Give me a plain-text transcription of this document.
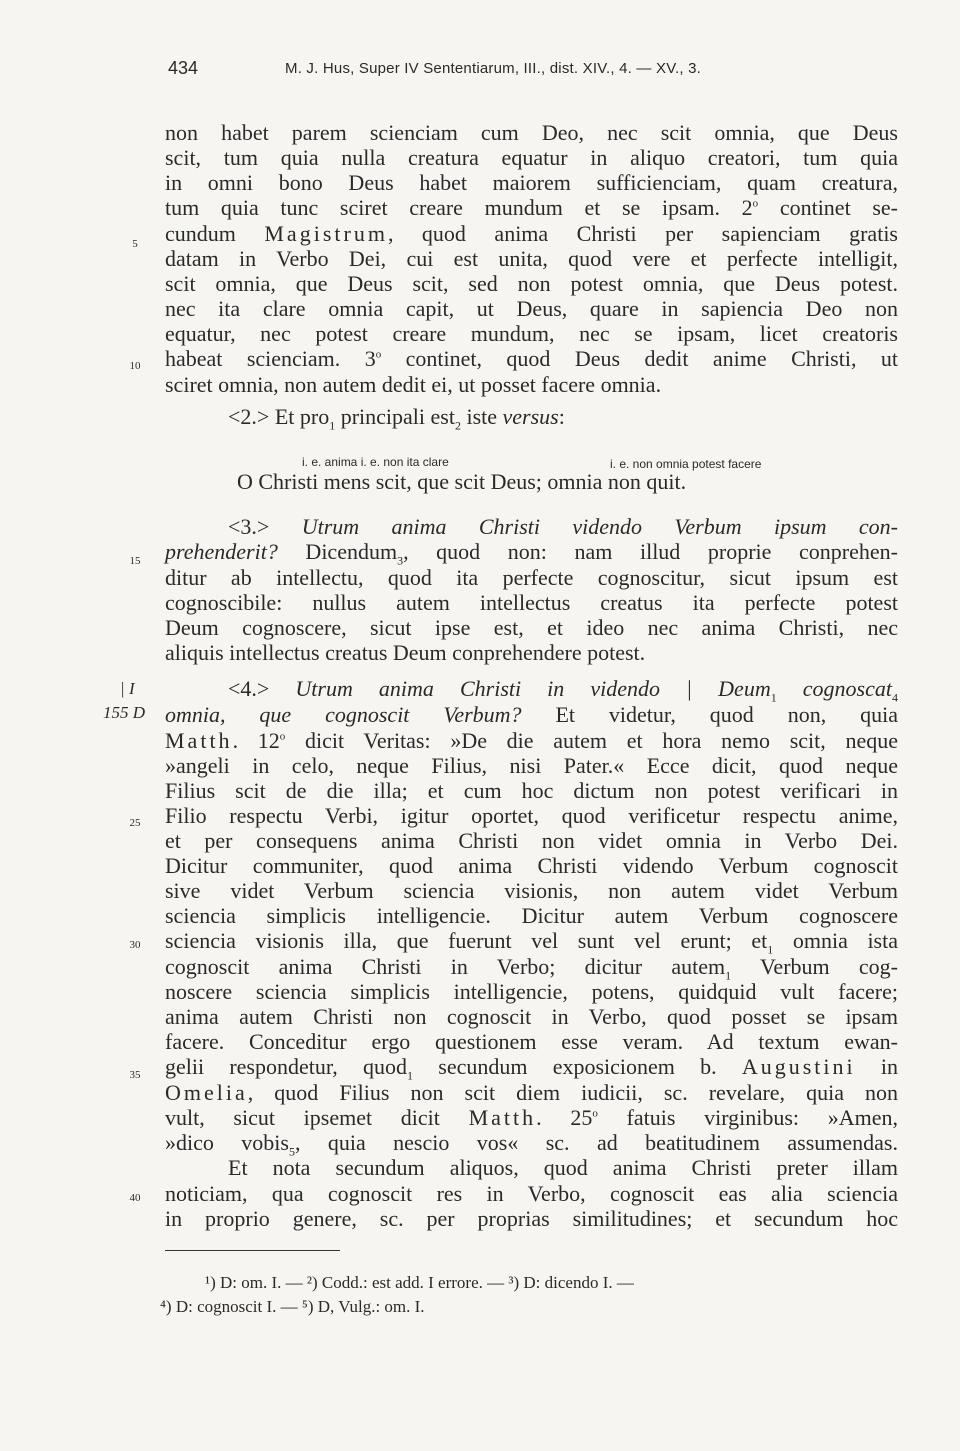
434	M. J. Hus, Super IV Sententiarum, III., dist. XIV., 4. — XV., 3.
5
10
15
25
30
35
40
| I
155 D
non habet parem scienciam cum Deo, nec scit omnia, que Deus
scit, tum quia nulla creatura equatur in aliquo creatori, tum quia
in omni bono Deus habet maiorem sufficienciam, quam creatura,
tum quia tunc sciret creare mundum et se ipsam. 2$^o$ continet se-
cundum Magistrum, quod anima Christi per sapienciam gratis
datam in Verbo Dei, cui est unita, quod vere et perfecte intelligit,
scit omnia, que Deus scit, sed non potest omnia, que Deus potest.
nec ita clare omnia capit, ut Deus, quare in sapiencia Deo non
equatur, nec potest creare mundum, nec se ipsam, licet creatoris
habeat scienciam. 3$^o$ continet, quod Deus dedit anime Christi, ut
sciret omnia, non autem dedit ei, ut posset facere omnia.
<2.> Et pro$_1$ principali est$_2$ iste versus:
i. e. anima i. e. non ita clare	i. e. non omnia potest facere
O Christi mens scit, que scit Deus; omnia non quit.
<3.> Utrum anima Christi videndo Verbum ipsum con-
prehenderit? Dicendum$_3$, quod non: nam illud proprie conprehen-
ditur ab intellectu, quod ita perfecte cognoscitur, sicut ipsum est
cognoscibile: nullus autem intellectus creatus ita perfecte potest
Deum cognoscere, sicut ipse est, et ideo nec anima Christi, nec
aliquis intellectus creatus Deum conprehendere potest.
<4.> Utrum anima Christi in videndo | Deum$_1$ cognoscat$_4$
omnia, que cognoscit Verbum? Et videtur, quod non, quia
Matth. 12$^o$ dicit Veritas: »De die autem et hora nemo scit, neque
»angeli in celo, neque Filius, nisi Pater.« Ecce dicit, quod neque
Filius scit de die illa; et cum hoc dictum non potest verificari in
Filio respectu Verbi, igitur oportet, quod verificetur respectu anime,
et per consequens anima Christi non videt omnia in Verbo Dei.
Dicitur communiter, quod anima Christi videndo Verbum cognoscit
sive videt Verbum sciencia visionis, non autem videt Verbum
sciencia simplicis intelligencie. Dicitur autem Verbum cognoscere
sciencia visionis illa, que fuerunt vel sunt vel erunt; $et_1$ omnia ista
cognoscit anima Christi in Verbo; dicitur autem$_1$ Verbum cog-
noscere sciencia simplicis intelligencie, potens, quidquid vult facere;
anima autem Christi non cognoscit in Verbo, quod posset se ipsam
facere. Conceditur ergo questionem esse veram. Ad textum ewan-
gelii respondetur, quod$_1$ secundum exposicionem b. Augustini in
Omelia, quod Filius non scit diem iudicii, sc. revelare, quia non
vult, sicut ipsemet dicit Matth. 25$^o$ fatuis virginibus: »Amen,
»dico vobis$_5$, quia nescio vos« sc. ad beatitudinem assumendas.
Et nota secundum aliquos, quod anima Christi preter illam
noticiam, qua cognoscit res in Verbo, cognoscit eas alia sciencia
in proprio genere, sc. per proprias similitudines; et secundum hoc
¹) D: om. I. — ²) Codd.: est add. I errore. — ³) D: dicendo I. —
⁴) D: cognoscit I. — ⁵) D, Vulg.: om. I.
